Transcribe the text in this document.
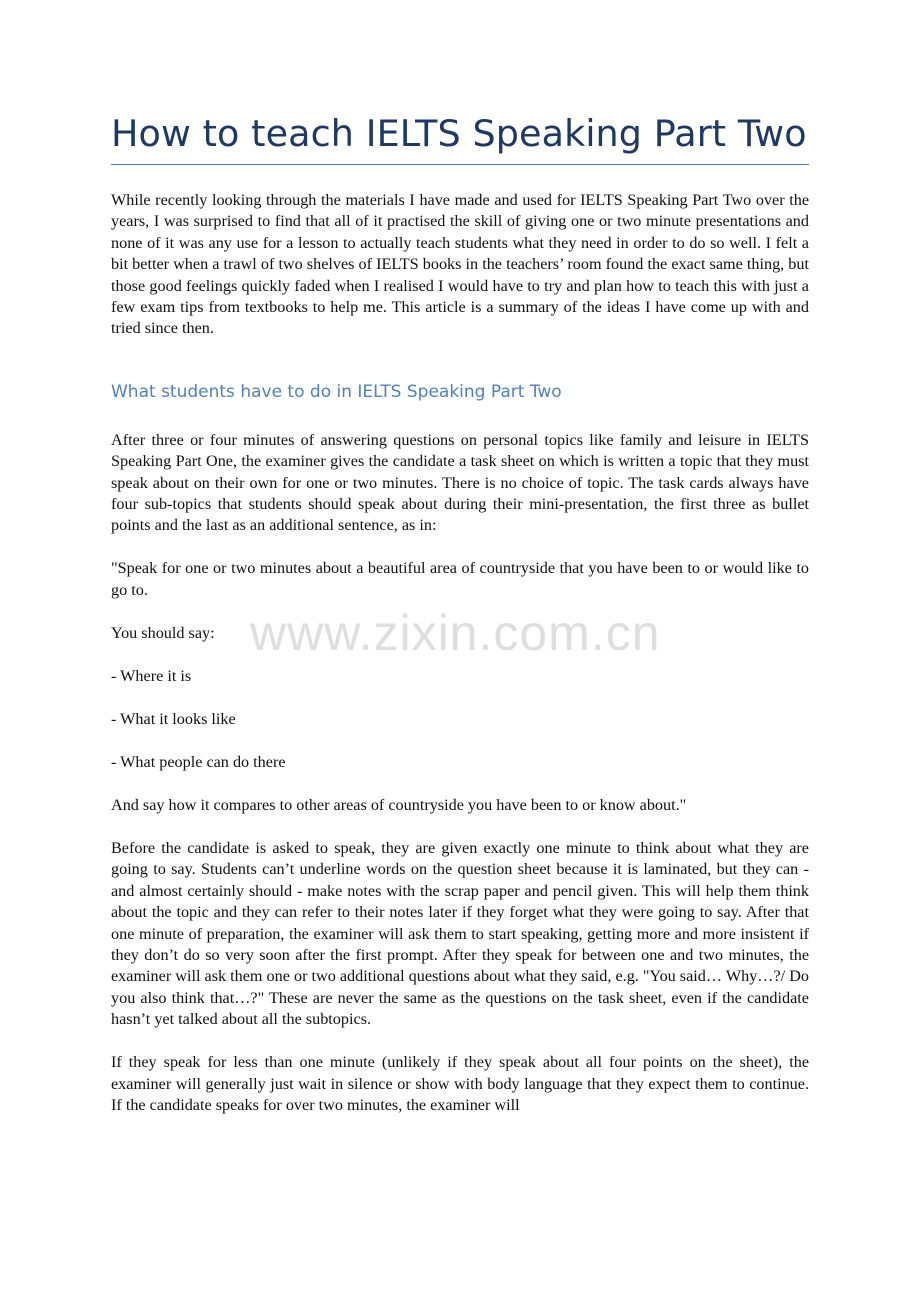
How to teach IELTS Speaking Part Two

While recently looking through the materials I have made and used for IELTS Speaking Part Two over the years, I was surprised to find that all of it practised the skill of giving one or two minute presentations and none of it was any use for a lesson to actually teach students what they need in order to do so well. I felt a bit better when a trawl of two shelves of IELTS books in the teachers’ room found the exact same thing, but those good feelings quickly faded when I realised I would have to try and plan how to teach this with just a few exam tips from textbooks to help me. This article is a summary of the ideas I have come up with and tried since then.

What students have to do in IELTS Speaking Part Two

After three or four minutes of answering questions on personal topics like family and leisure in IELTS Speaking Part One, the examiner gives the candidate a task sheet on which is written a topic that they must speak about on their own for one or two minutes. There is no choice of topic. The task cards always have four sub-topics that students should speak about during their mini-presentation, the first three as bullet points and the last as an additional sentence, as in:

"Speak for one or two minutes about a beautiful area of countryside that you have been to or would like to go to.

You should say:

- Where it is

- What it looks like

- What people can do there

And say how it compares to other areas of countryside you have been to or know about."

Before the candidate is asked to speak, they are given exactly one minute to think about what they are going to say. Students can’t underline words on the question sheet because it is laminated, but they can - and almost certainly should - make notes with the scrap paper and pencil given. This will help them think about the topic and they can refer to their notes later if they forget what they were going to say. After that one minute of preparation, the examiner will ask them to start speaking, getting more and more insistent if they don’t do so very soon after the first prompt. After they speak for between one and two minutes, the examiner will ask them one or two additional questions about what they said, e.g. "You said… Why…?/ Do you also think that…?" These are never the same as the questions on the task sheet, even if the candidate hasn’t yet talked about all the subtopics.

If they speak for less than one minute (unlikely if they speak about all four points on the sheet), the examiner will generally just wait in silence or show with body language that they expect them to continue. If the candidate speaks for over two minutes, the examiner will

www.zixin.com.cn
